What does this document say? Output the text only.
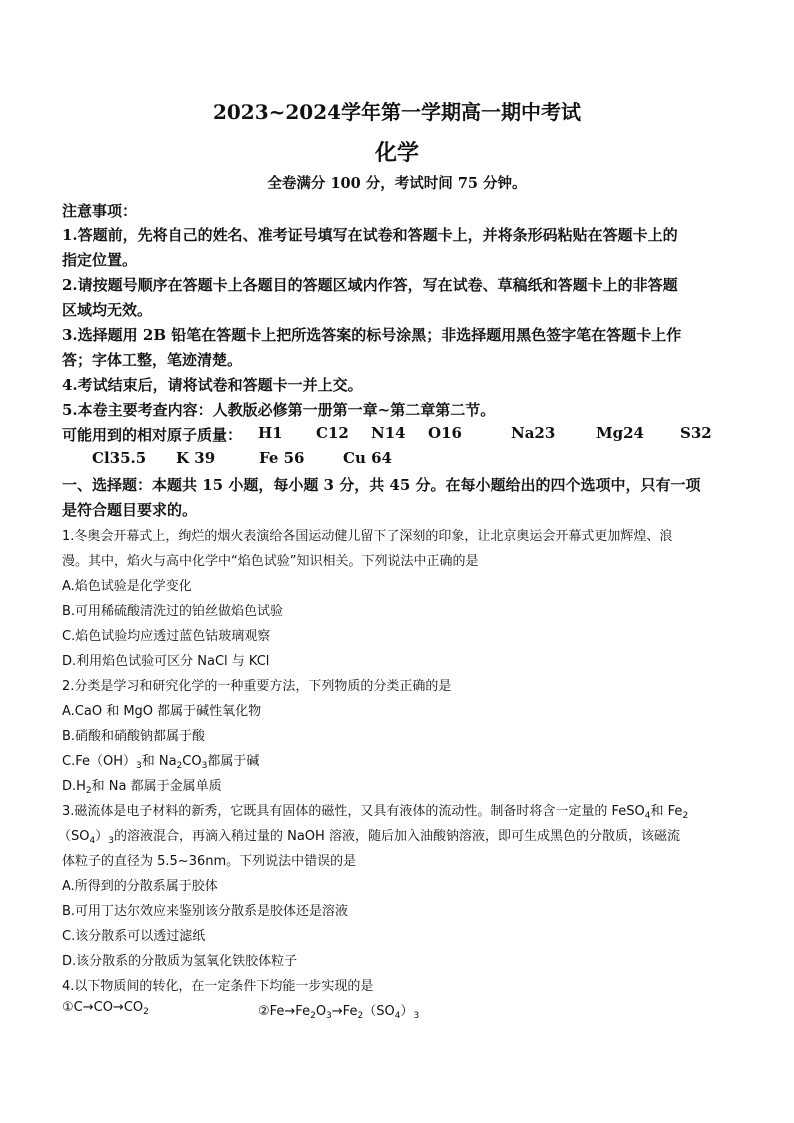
2023~2024学年第一学期高一期中考试
化学
全卷满分 100 分，考试时间 75 分钟。
注意事项：
1.答题前，先将自己的姓名、准考证号填写在试卷和答题卡上，并将条形码粘贴在答题卡上的
指定位置。
2.请按题号顺序在答题卡上各题目的答题区域内作答，写在试卷、草稿纸和答题卡上的非答题
区域均无效。
3.选择题用 2B 铅笔在答题卡上把所选答案的标号涂黑；非选择题用黑色签字笔在答题卡上作
答；字体工整，笔迹清楚。
4.考试结束后，请将试卷和答题卡一并上交。
5.本卷主要考查内容：人教版必修第一册第一章~第二章第二节。
可能用到的相对原子质量： H1 C12 N14 O16	Na23	Mg24 S32
Cl35.5 K 39	Fe 56	Cu 64
一、选择题：本题共 15 小题，每小题 3 分，共 45 分。在每小题给出的四个选项中，只有一项
是符合题目要求的。
1.冬奥会开幕式上，绚烂的烟火表演给各国运动健儿留下了深刻的印象，让北京奥运会开幕式更加辉煌、浪
漫。其中，焰火与高中化学中“焰色试验”知识相关。下列说法中正确的是
A.焰色试验是化学变化
B.可用稀硫酸清洗过的铂丝做焰色试验
C.焰色试验均应透过蓝色钴玻璃观察
D.利用焰色试验可区分 NaCl 与 KCl
2.分类是学习和研究化学的一种重要方法，下列物质的分类正确的是
A.CaO 和 MgO 都属于碱性氧化物
B.硝酸和硝酸钠都属于酸
$C.Fe(OH)_3$和 $Na_2CO_3$都属于碱
$D.H_2$和 Na 都属于金属单质
3.磁流体是电子材料的新秀，它既具有固体的磁性，又具有液体的流动性。制备时将含一定量的 FeSO$_4$和 $Fe_2$
$(SO_4)_3$的溶液混合，再滴入稍过量的 NaOH 溶液，随后加入油酸钠溶液，即可生成黑色的分散质，该磁流
体粒子的直径为 5.5~36nm。下列说法中错误的是
A.所得到的分散系属于胶体
B.可用丁达尔效应来鉴别该分散系是胶体还是溶液
C.该分散系可以透过滤纸
D.该分散系的分散质为氢氧化铁胶体粒子
4.以下物质间的转化，在一定条件下均能一步实现的是
$①C\to CO\to CO_2$	$②Fe\to Fe_2O_3\to Fe_2(SO_4)_3$
